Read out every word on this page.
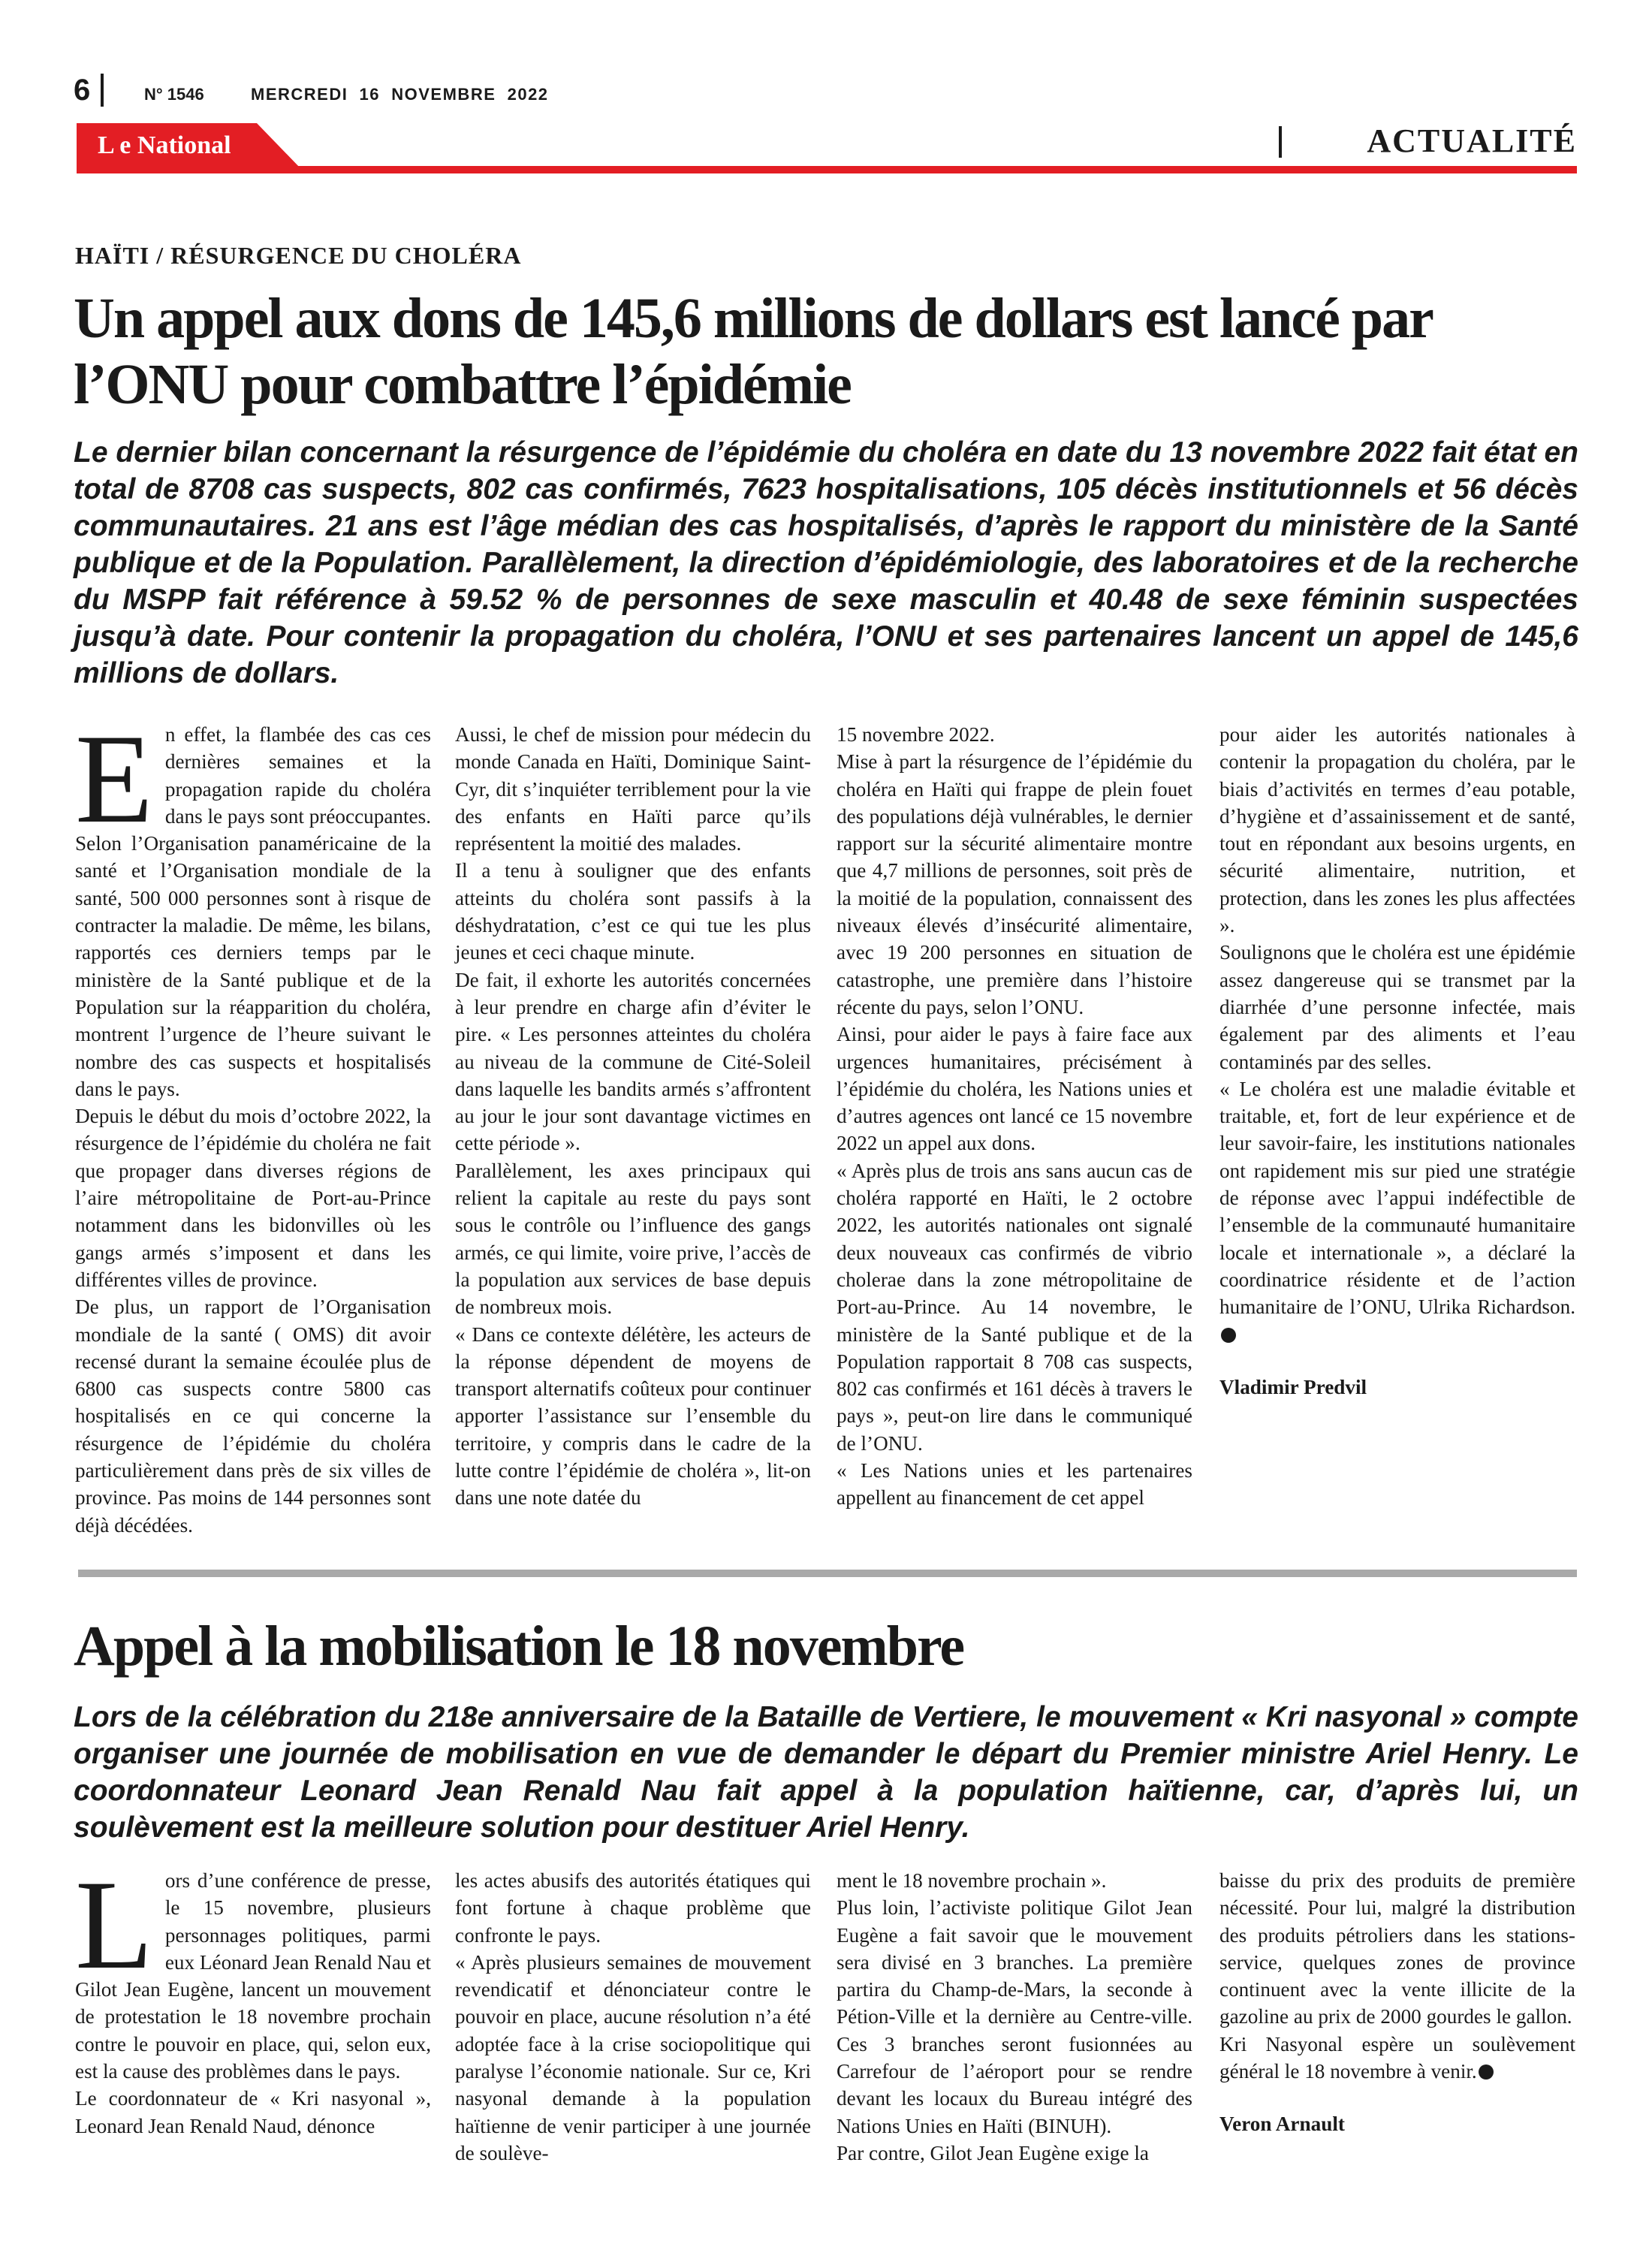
6	N° 1546	MERCREDI  16  NOVEMBRE  2022
L e National	ACTUALITÉ
HAÏTI / RÉSURGENCE DU CHOLÉRA
Un appel aux dons de 145,6 millions de dollars est lancé par l’ONU pour combattre l’épidémie

Le dernier bilan concernant la résurgence de l’épidémie du choléra en date du 13 novembre 2022 fait état en total de 8708 cas suspects, 802 cas confirmés, 7623 hospitalisations, 105 décès institutionnels et 56 décès communautaires. 21 ans est l’âge médian des cas hospitalisés, d’après le rapport du ministère de la Santé publique et de la Population. Parallèlement, la direction d’épidémiologie, des laboratoires et de la recherche du MSPP fait référence à 59.52 % de personnes de sexe masculin et 40.48 de sexe féminin suspectées jusqu’à date. Pour contenir la propagation du choléra, l’ONU et ses partenaires lancent un appel de 145,6 millions de dollars.

En effet, la flambée des cas ces dernières semaines et la propagation rapide du choléra dans le pays sont préoccupantes. Selon l’Organisation panaméricaine de la santé et l’Organisation mondiale de la santé, 500 000 personnes sont à risque de contracter la maladie. De même, les bilans, rapportés ces derniers temps par le ministère de la Santé publique et de la Population sur la réapparition du choléra, montrent l’urgence de l’heure suivant le nombre des cas suspects et hospitalisés dans le pays.

Depuis le début du mois d’octobre 2022, la résurgence de l’épidémie du choléra ne fait que propager dans diverses régions de l’aire métropolitaine de Port-au-Prince notamment dans les bidonvilles où les gangs armés s’imposent et dans les différentes villes de province.

De plus, un rapport de l’Organisation mondiale de la santé ( OMS) dit avoir recensé durant la semaine écoulée plus de 6800 cas suspects contre 5800 cas hospitalisés en ce qui concerne la résurgence de l’épidémie du choléra particulièrement dans près de six villes de province. Pas moins de 144 personnes sont déjà décédées.

Aussi, le chef de mission pour médecin du monde Canada en Haïti, Dominique Saint-Cyr, dit s’inquiéter terriblement pour la vie des enfants en Haïti parce qu’ils représentent la moitié des malades.

Il a tenu à souligner que des enfants atteints du choléra sont passifs à la déshydratation, c’est ce qui tue les plus jeunes et ceci chaque minute.

De fait, il exhorte les autorités concernées à leur prendre en charge afin d’éviter le pire. « Les personnes atteintes du choléra au niveau de la commune de Cité-Soleil dans laquelle les bandits armés s’affrontent au jour le jour sont davantage victimes en cette période ».

Parallèlement, les axes principaux qui relient la capitale au reste du pays sont sous le contrôle ou l’influence des gangs armés, ce qui limite, voire prive, l’accès de la population aux services de base depuis de nombreux mois.

« Dans ce contexte délétère, les acteurs de la réponse dépendent de moyens de transport alternatifs coûteux pour continuer apporter l’assistance sur l’ensemble du territoire, y compris dans le cadre de la lutte contre l’épidémie de choléra », lit-on dans une note datée du

15 novembre 2022.

Mise à part la résurgence de l’épidémie du choléra en Haïti qui frappe de plein fouet des populations déjà vulnérables, le dernier rapport sur la sécurité alimentaire montre que 4,7 millions de personnes, soit près de la moitié de la population, connaissent des niveaux élevés d’insécurité alimentaire, avec 19 200 personnes en situation de catastrophe, une première dans l’histoire récente du pays, selon l’ONU.

Ainsi, pour aider le pays à faire face aux urgences humanitaires, précisément à l’épidémie du choléra, les Nations unies et d’autres agences ont lancé ce 15 novembre 2022 un appel aux dons.

« Après plus de trois ans sans aucun cas de choléra rapporté en Haïti, le 2 octobre 2022, les autorités nationales ont signalé deux nouveaux cas confirmés de vibrio cholerae dans la zone métropolitaine de Port-au-Prince. Au 14 novembre, le ministère de la Santé publique et de la Population rapportait 8 708 cas suspects, 802 cas confirmés et 161 décès à travers le pays », peut-on lire dans le communiqué de l’ONU.

« Les Nations unies et les partenaires appellent au financement de cet appel

pour aider les autorités nationales à contenir la propagation du choléra, par le biais d’activités en termes d’eau potable, d’hygiène et d’assainissement et de santé, tout en répondant aux besoins urgents, en sécurité alimentaire, nutrition, et protection, dans les zones les plus affectées ».

Soulignons que le choléra est une épidémie assez dangereuse qui se transmet par la diarrhée d’une personne infectée, mais également par des aliments et l’eau contaminés par des selles.

« Le choléra est une maladie évitable et traitable, et, fort de leur expérience et de leur savoir-faire, les institutions nationales ont rapidement mis sur pied une stratégie de réponse avec l’appui indéfectible de l’ensemble de la communauté humanitaire locale et internationale », a déclaré la coordinatrice résidente et de l’action humanitaire de l’ONU, Ulrika Richardson.

Vladimir Predvil

Appel à la mobilisation le 18 novembre

Lors de la célébration du 218e anniversaire de la Bataille de Vertiere, le mouvement « Kri nasyonal » compte organiser une journée de mobilisation en vue de demander le départ du Premier ministre Ariel Henry. Le coordonnateur Leonard Jean Renald Nau fait appel à la population haïtienne, car, d’après lui, un soulèvement est la meilleure solution pour destituer Ariel Henry.

Lors d’une conférence de presse, le 15 novembre, plusieurs personnages politiques, parmi eux Léonard Jean Renald Nau et Gilot Jean Eugène, lancent un mouvement de protestation le 18 novembre prochain contre le pouvoir en place, qui, selon eux, est la cause des problèmes dans le pays.

Le coordonnateur de « Kri nasyonal », Leonard Jean Renald Naud, dénonce

les actes abusifs des autorités étatiques qui font fortune à chaque problème que confronte le pays.

« Après plusieurs semaines de mouvement revendicatif et dénonciateur contre le pouvoir en place, aucune résolution n’a été adoptée face à la crise sociopolitique qui paralyse l’économie nationale. Sur ce, Kri nasyonal demande à la population haïtienne de venir participer à une journée de soulève-

ment le 18 novembre prochain ».

Plus loin, l’activiste politique Gilot Jean Eugène a fait savoir que le mouvement sera divisé en 3 branches. La première partira du Champ-de-Mars, la seconde à Pétion-Ville et la dernière au Centre-ville. Ces 3 branches seront fusionnées au Carrefour de l’aéroport pour se rendre devant les locaux du Bureau intégré des Nations Unies en Haïti (BINUH).

Par contre, Gilot Jean Eugène exige la

baisse du prix des produits de première nécessité. Pour lui, malgré la distribution des produits pétroliers dans les stations-service, quelques zones de province continuent avec la vente illicite de la gazoline au prix de 2000 gourdes le gallon.

Kri Nasyonal espère un soulèvement général le 18 novembre à venir.

Veron Arnault
